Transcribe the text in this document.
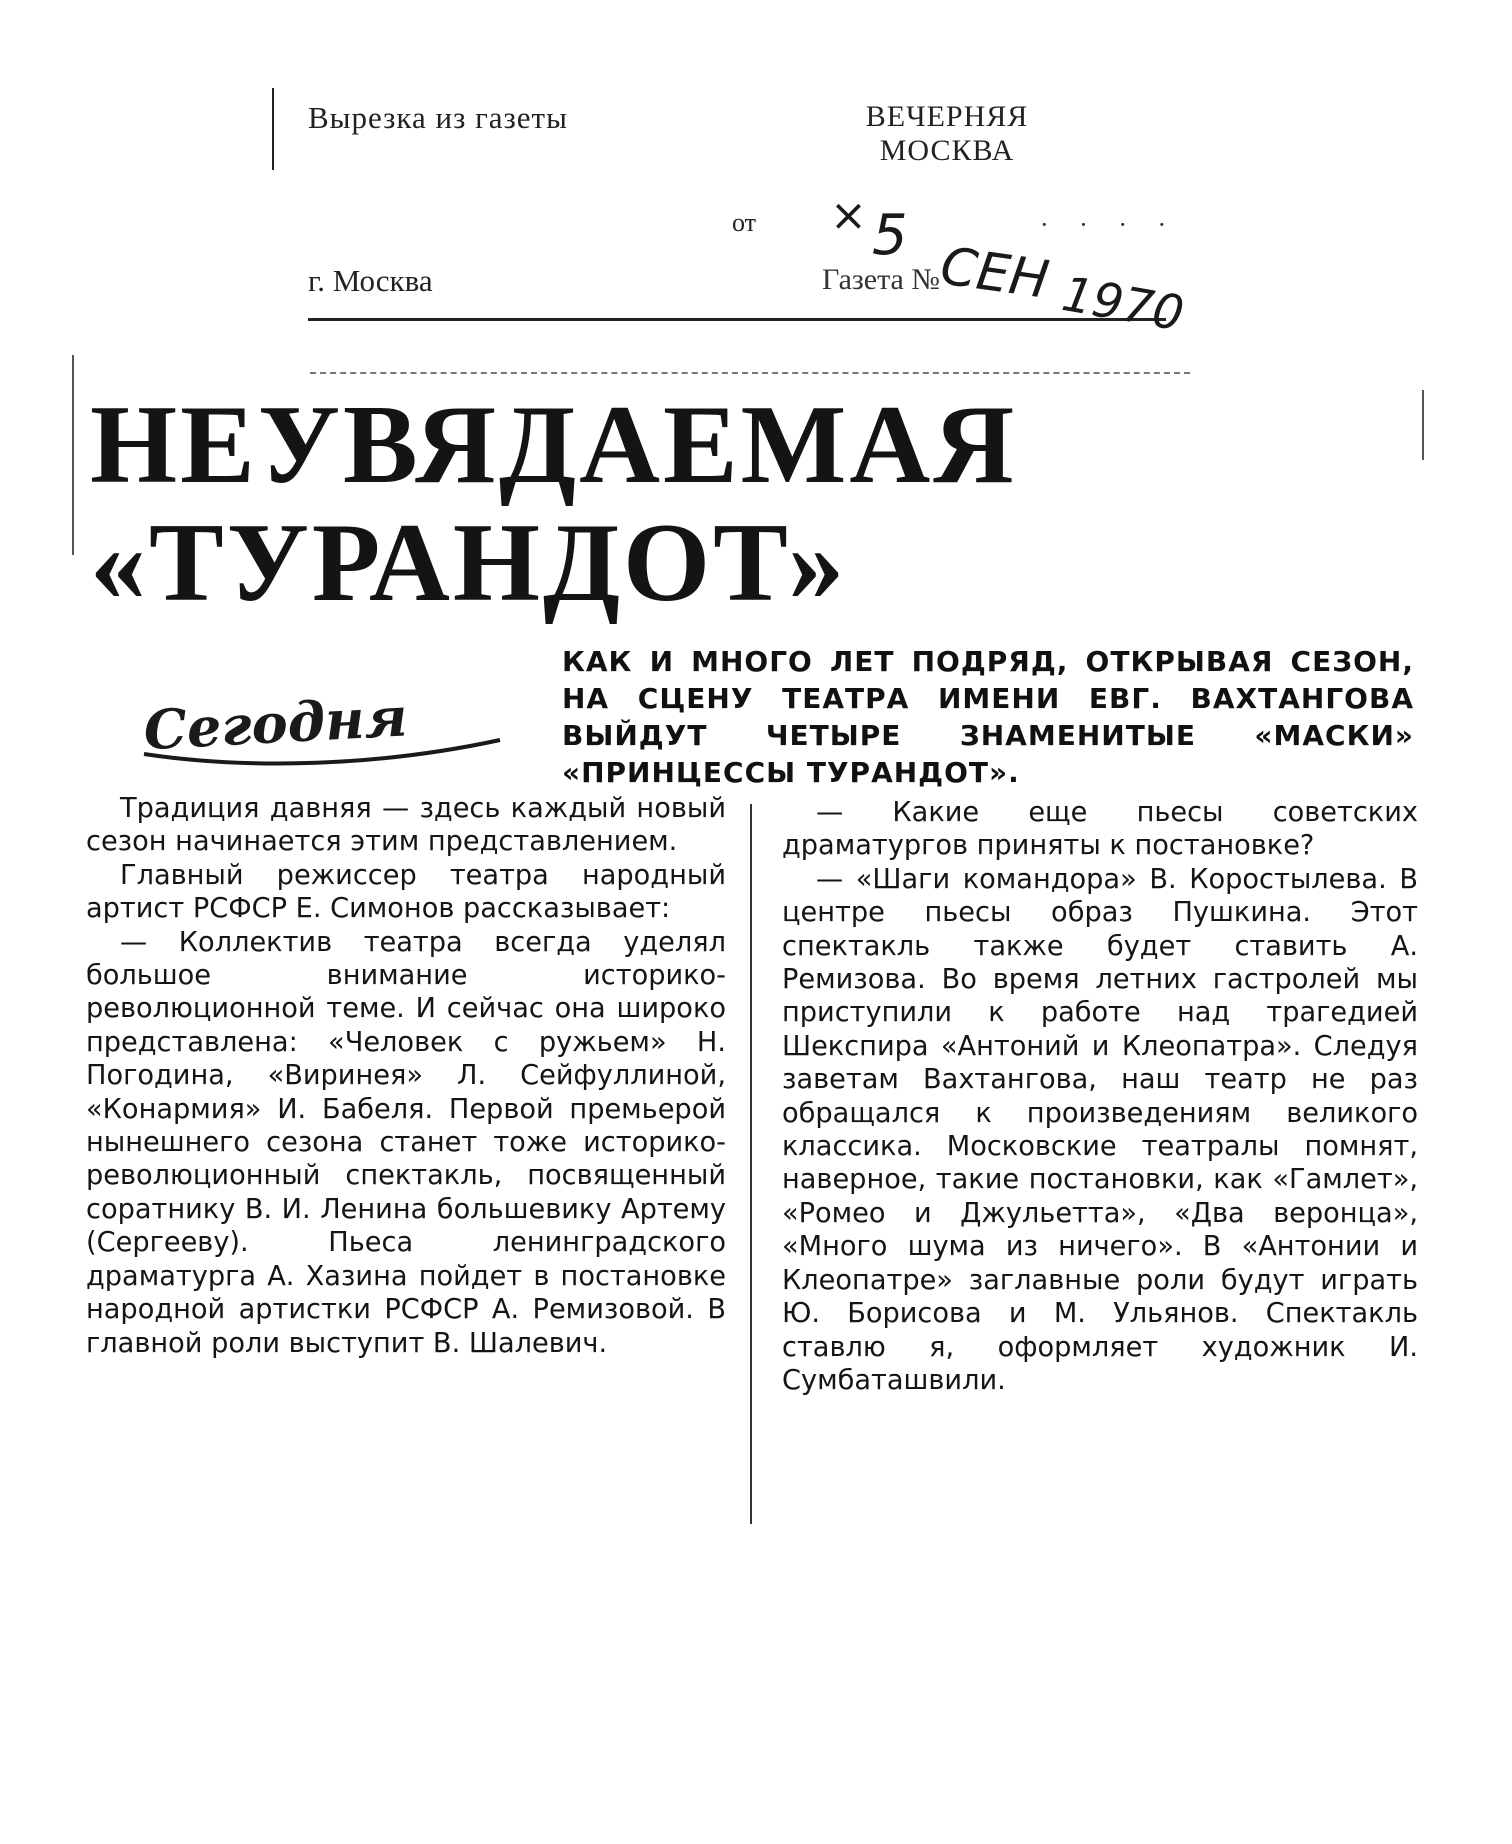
Вырезка из газеты	ВЕЧЕРНЯЯ
МОСКВА
от	· · · ·
г. Москва	Газета №
× 5
СЕН 1970
НЕУВЯДАЕМАЯ
«ТУРАНДОТ»
Сегодня

КАК И МНОГО ЛЕТ ПОДРЯД, ОТКРЫВАЯ СЕЗОН, НА СЦЕНУ ТЕАТРА ИМЕНИ ЕВГ. ВАХТАНГОВА ВЫЙДУТ ЧЕТЫРЕ ЗНАМЕНИТЫЕ «МАСКИ» «ПРИНЦЕССЫ ТУРАНДОТ».

Традиция давняя — здесь каждый новый сезон начинается этим представлением.

Главный режиссер театра народный артист РСФСР Е. Симонов рассказывает:

— Коллектив театра всегда уделял большое внимание историко-революционной теме. И сейчас она широко представлена: «Человек с ружьем» Н. Погодина, «Виринея» Л. Сейфуллиной, «Конармия» И. Бабеля. Первой премьерой нынешнего сезона станет тоже историко-революционный спектакль, посвященный соратнику В. И. Ленина большевику Артему (Сергееву). Пьеса ленинградского драматурга А. Хазина пойдет в постановке народной артистки РСФСР А. Ремизовой. В главной роли выступит В. Шалевич.

— Какие еще пьесы советских драматургов приняты к постановке?

— «Шаги командора» В. Коростылева. В центре пьесы образ Пушкина. Этот спектакль также будет ставить А. Ремизова. Во время летних гастролей мы приступили к работе над трагедией Шекспира «Антоний и Клеопатра». Следуя заветам Вахтангова, наш театр не раз обращался к произведениям великого классика. Московские театралы помнят, наверное, такие постановки, как «Гамлет», «Ромео и Джульетта», «Два веронца», «Много шума из ничего». В «Антонии и Клеопатре» заглавные роли будут играть Ю. Борисова и М. Ульянов. Спектакль ставлю я, оформляет художник И. Сумбаташвили.
